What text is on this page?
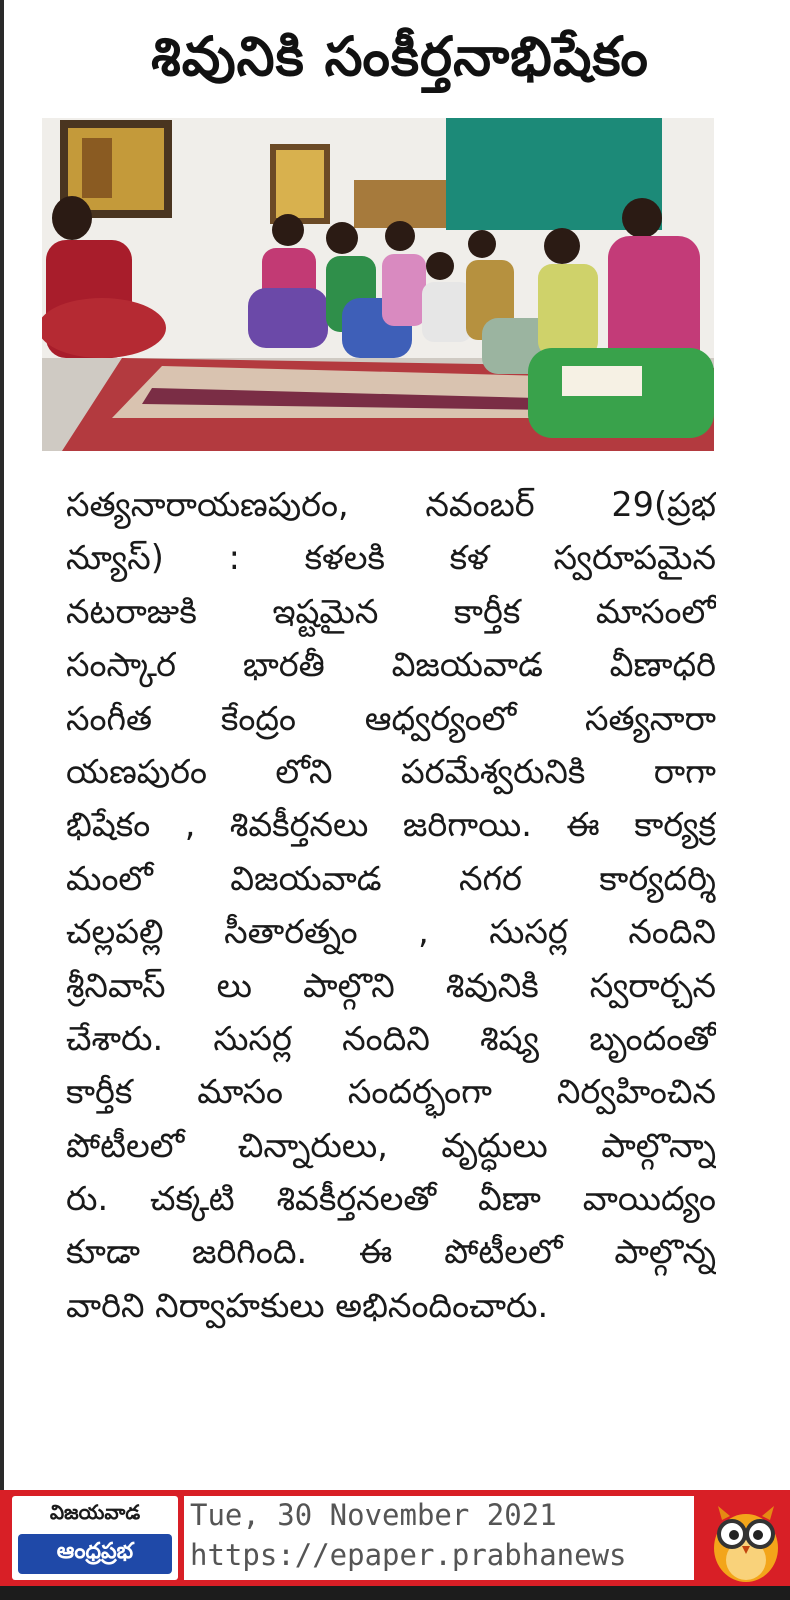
శివునికి సంకీర్తనాభిషేకం
సత్యనారాయణపురం, నవంబర్ 29(ప్రభ
న్యూస్) : కళలకి కళ స్వరూపమైన
నటరాజుకి ఇష్టమైన కార్తీక మాసంలో
సంస్కార భారతీ విజయవాడ వీణాధరి
సంగీత కేంద్రం ఆధ్వర్యంలో సత్యనారా
యణపురం లోని పరమేశ్వరునికి రాగా
భిషేకం , శివకీర్తనలు జరిగాయి. ఈ కార్యక్ర
మంలో విజయవాడ నగర కార్యదర్శి
చల్లపల్లి సీతారత్నం , సుసర్ల నందిని
శ్రీనివాస్ లు పాల్గొని శివునికి స్వరార్చన
చేశారు. సుసర్ల నందిని శిష్య బృందంతో
కార్తీక మాసం సందర్భంగా నిర్వహించిన
పోటీలలో చిన్నారులు, వృద్ధులు పాల్గొన్నా
రు. చక్కటి శివకీర్తనలతో వీణా వాయిద్యం
కూడా జరిగింది. ఈ పోటీలలో పాల్గొన్న
వారిని నిర్వాహకులు అభినందించారు.
విజయవాడ
ఆంధ్రప్రభ
Tue, 30 November 2021
https://epaper.prabhanews
